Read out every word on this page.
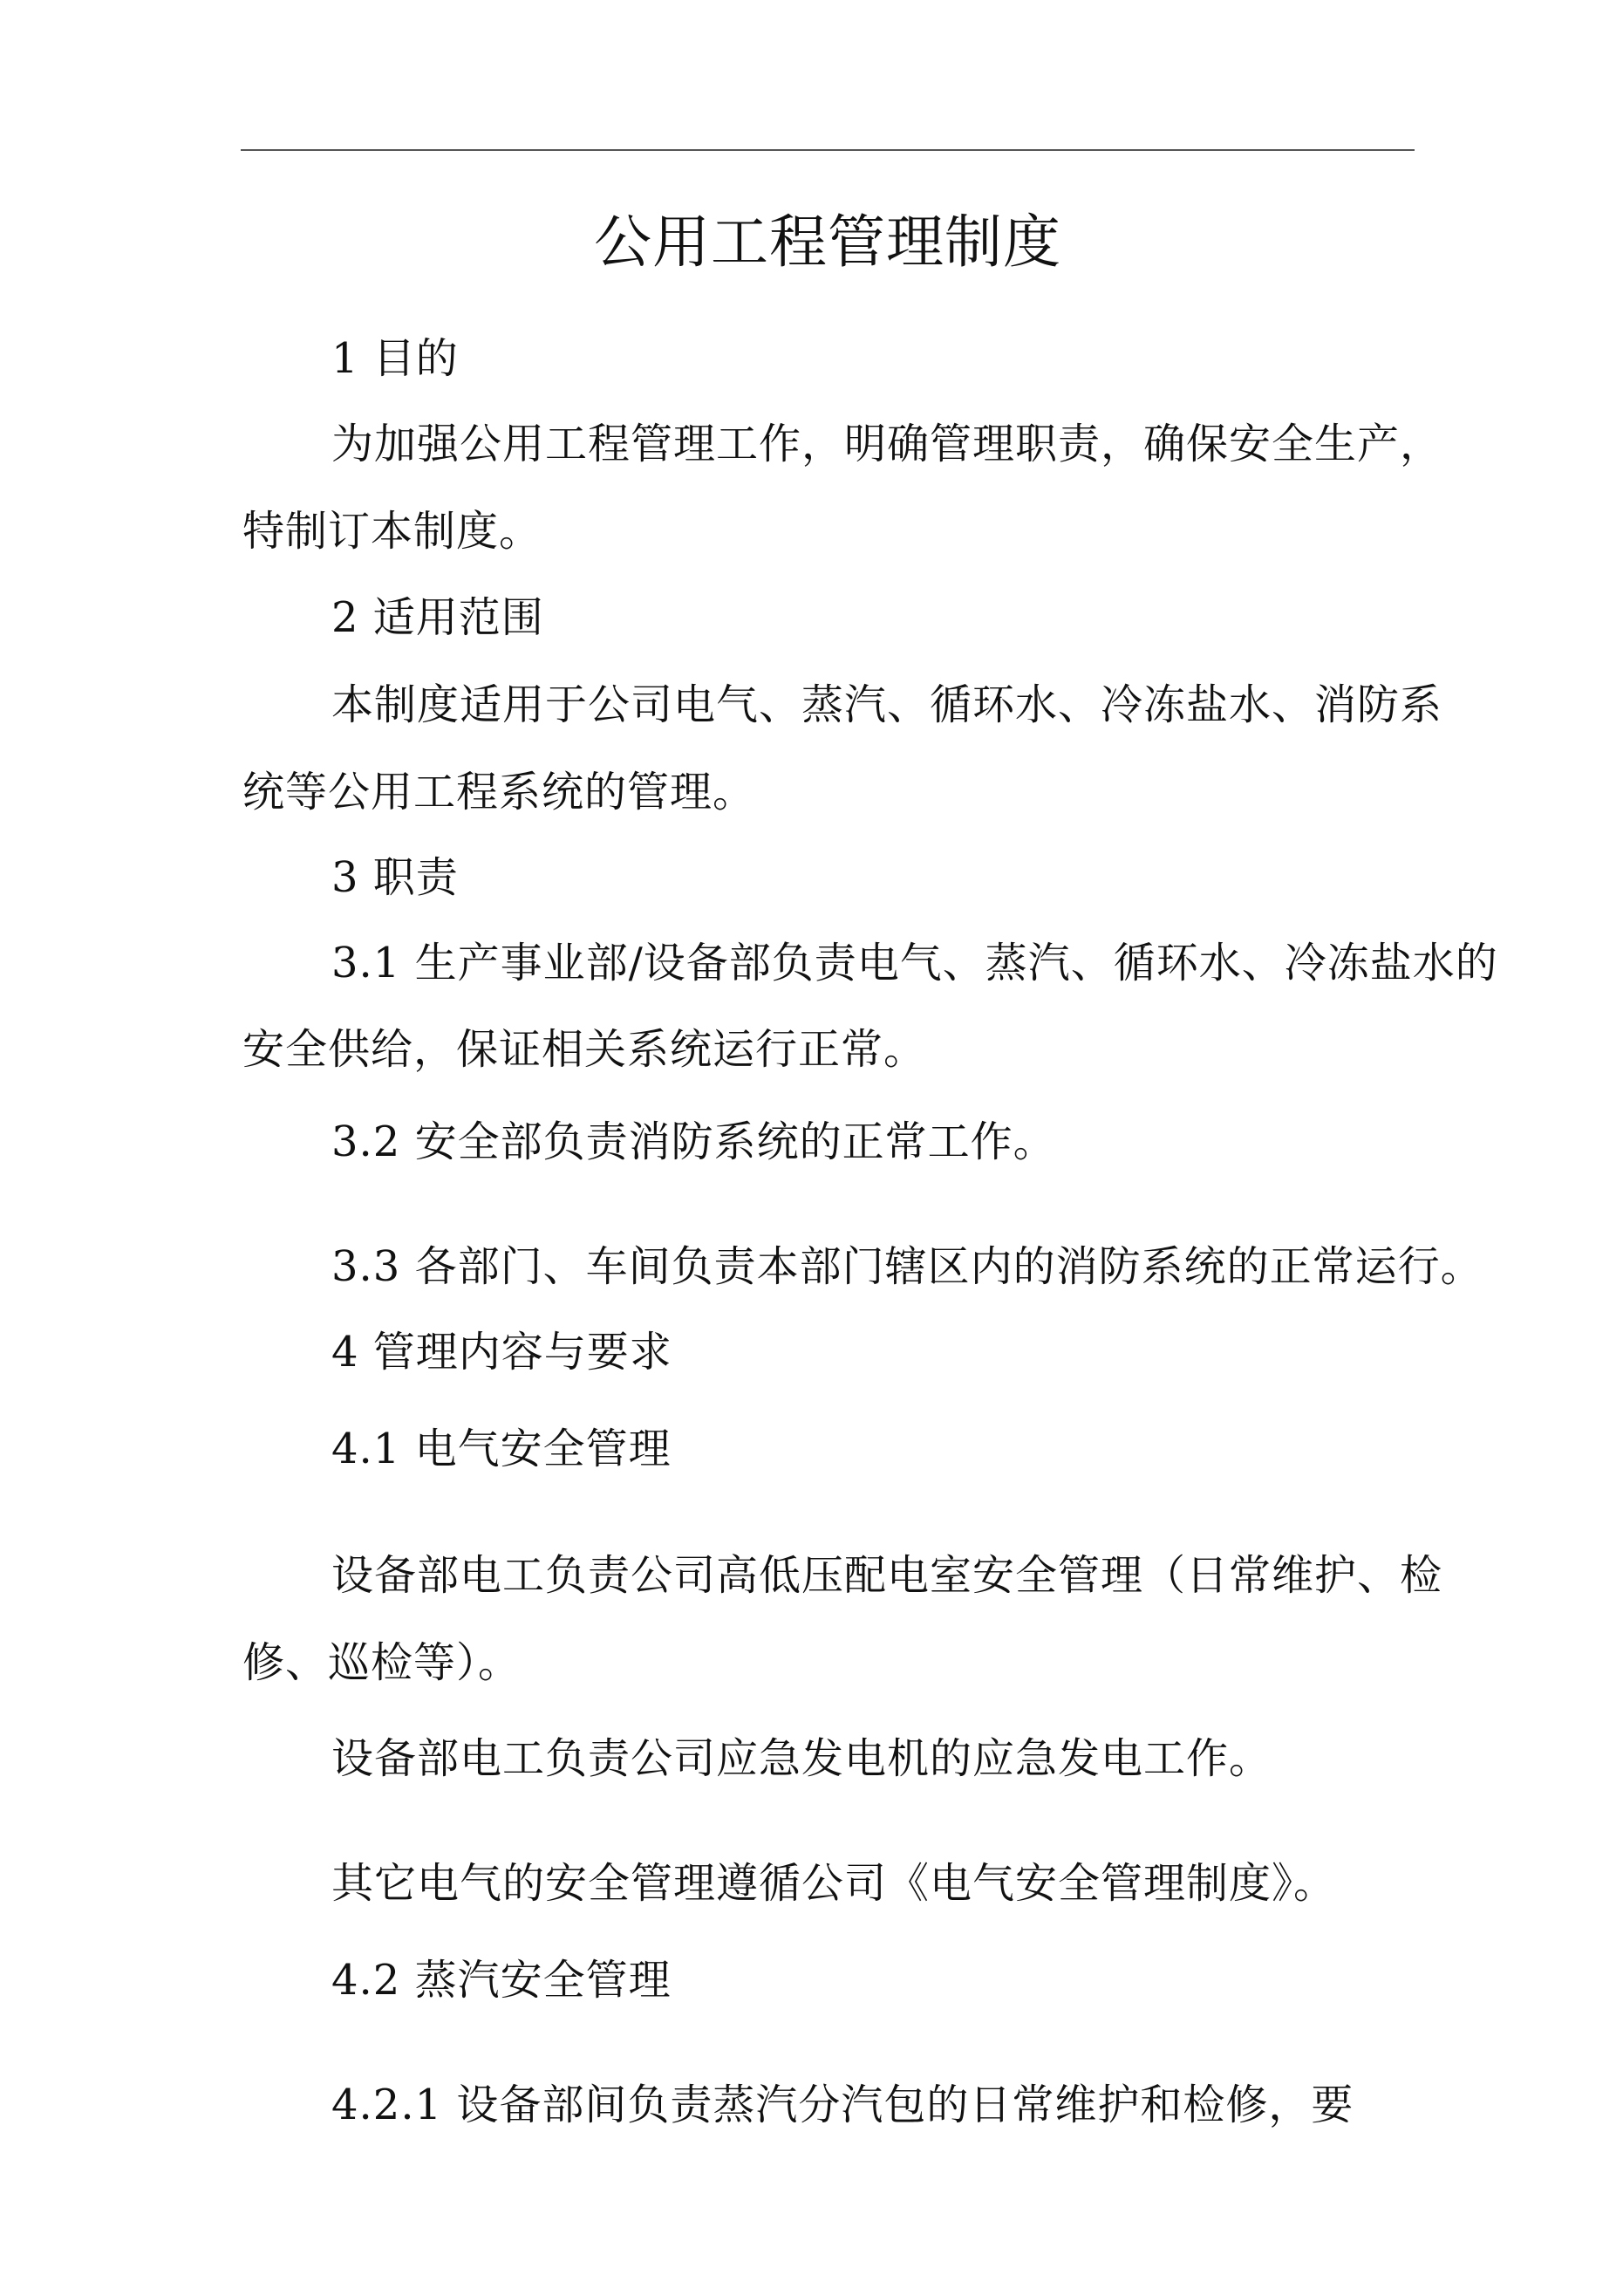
公用工程管理制度
1 目的
为加强公用工程管理工作，明确管理职责，确保安全生产，
特制订本制度。
2 适用范围
本制度适用于公司电气、蒸汽、循环水、冷冻盐水、消防系
统等公用工程系统的管理。
3 职责
3.1 生产事业部/设备部负责电气、蒸汽、循环水、冷冻盐水的
安全供给，保证相关系统运行正常。
3.2 安全部负责消防系统的正常工作。
3.3 各部门、车间负责本部门辖区内的消防系统的正常运行。
4 管理内容与要求
4.1 电气安全管理
设备部电工负责公司高低压配电室安全管理（日常维护、检
修、巡检等）。
设备部电工负责公司应急发电机的应急发电工作。
其它电气的安全管理遵循公司《电气安全管理制度》。
4.2 蒸汽安全管理
4.2.1 设备部间负责蒸汽分汽包的日常维护和检修，要
